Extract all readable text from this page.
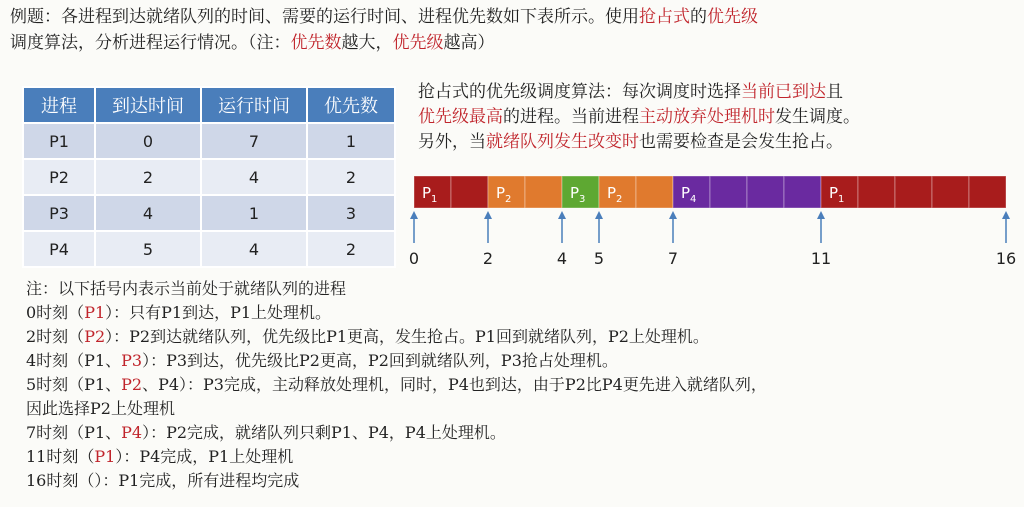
例题：各进程到达就绪队列的时间、需要的运行时间、进程优先数如下表所示。使用抢占式的优先级
调度算法，分析进程运行情况。（注：优先数越大，优先级越高）
进程	到达时间	运行时间	优先数
P1	0	7	1
P2	2	4	2
P3	4	1	3
P4	5	4	2
抢占式的优先级调度算法：每次调度时选择当前已到达且
优先级最高的进程。当前进程主动放弃处理机时发生调度。
另外，当就绪队列发生改变时也需要检查是会发生抢占。
$P_1$	$P_2$	$P_3$ $P_2$	$P_4$	$P_1$
0	2	4 5	7	11	16
注：以下括号内表示当前处于就绪队列的进程
0时刻（P1）：只有P1到达，P1上处理机。
2时刻（P2）：P2到达就绪队列，优先级比P1更高，发生抢占。P1回到就绪队列，P2上处理机。
4时刻（P1、P3）：P3到达，优先级比P2更高，P2回到就绪队列，P3抢占处理机。
5时刻（P1、P2、P4）：P3完成，主动释放处理机，同时，P4也到达，由于P2比P4更先进入就绪队列，
因此选择P2上处理机
7时刻（P1、P4）：P2完成，就绪队列只剩P1、P4，P4上处理机。
11时刻（P1）：P4完成，P1上处理机
16时刻（）：P1完成，所有进程均完成
